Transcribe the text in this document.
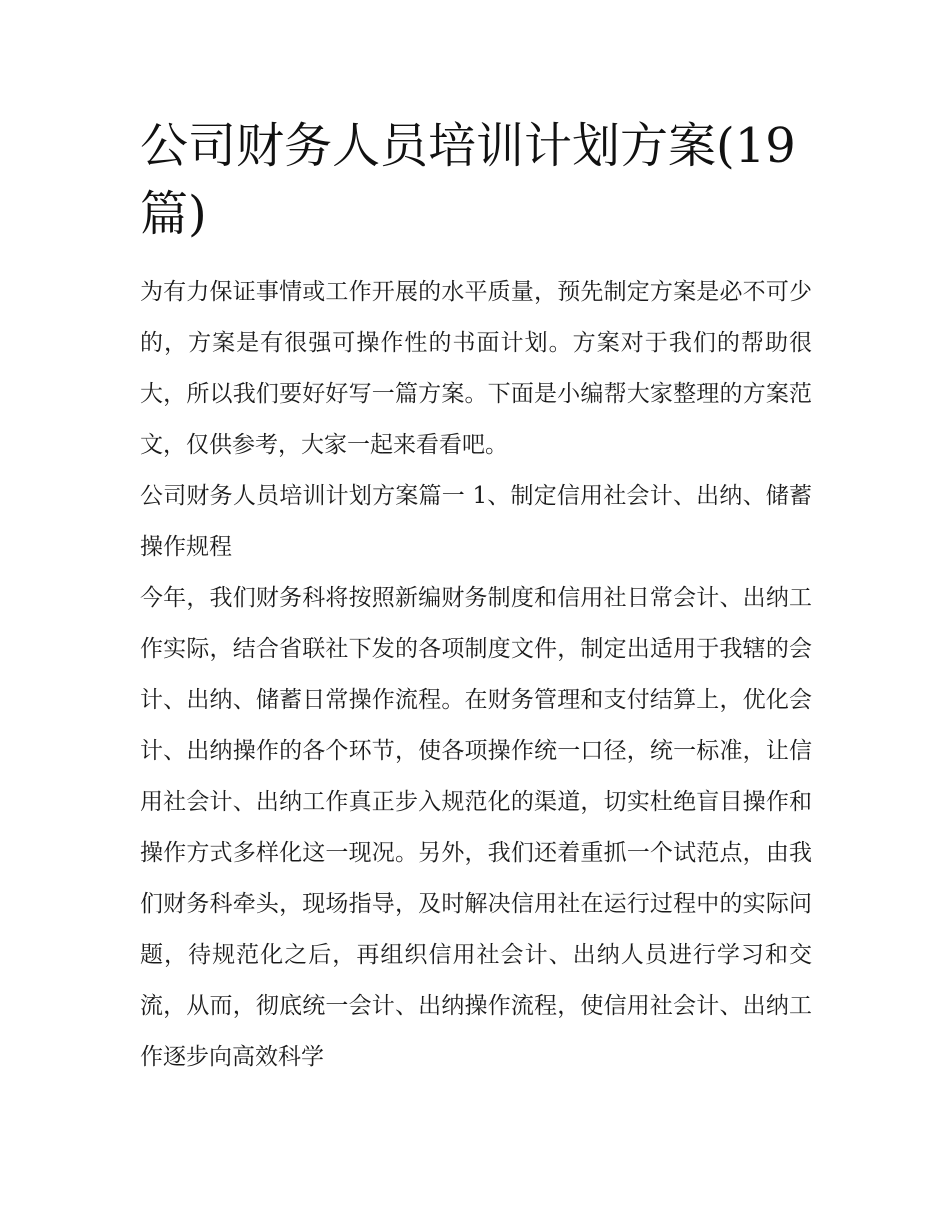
公司财务人员培训计划方案(19篇)

为有力保证事情或工作开展的水平质量，预先制定方案是必不可少的，方案是有很强可操作性的书面计划。方案对于我们的帮助很大，所以我们要好好写一篇方案。下面是小编帮大家整理的方案范文，仅供参考，大家一起来看看吧。

公司财务人员培训计划方案篇一 1、制定信用社会计、出纳、储蓄操作规程

今年，我们财务科将按照新编财务制度和信用社日常会计、出纳工作实际，结合省联社下发的各项制度文件，制定出适用于我辖的会计、出纳、储蓄日常操作流程。在财务管理和支付结算上，优化会计、出纳操作的各个环节，使各项操作统一口径，统一标准，让信用社会计、出纳工作真正步入规范化的渠道，切实杜绝盲目操作和操作方式多样化这一现况。另外，我们还着重抓一个试范点，由我们财务科牵头，现场指导，及时解决信用社在运行过程中的实际问题，待规范化之后，再组织信用社会计、出纳人员进行学习和交流，从而，彻底统一会计、出纳操作流程，使信用社会计、出纳工作逐步向高效科学
